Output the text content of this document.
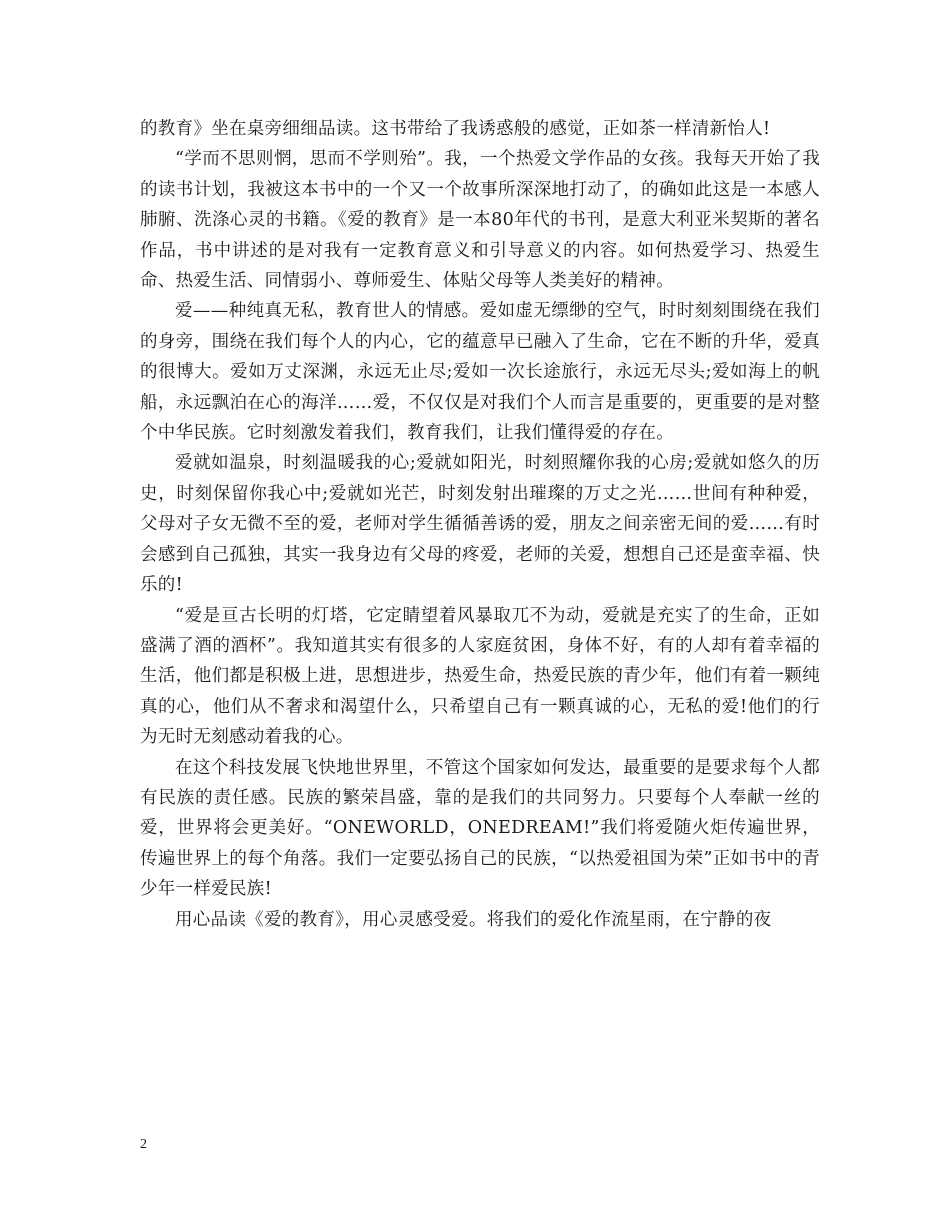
的教育》坐在桌旁细细品读。这书带给了我诱惑般的感觉，正如茶一样清新怡人!

“学而不思则惘，思而不学则殆”。我，一个热爱文学作品的女孩。我每天开始了我的读书计划，我被这本书中的一个又一个故事所深深地打动了，的确如此这是一本感人肺腑、洗涤心灵的书籍。《爱的教育》是一本80年代的书刊，是意大利亚米契斯的著名作品，书中讲述的是对我有一定教育意义和引导意义的内容。如何热爱学习、热爱生命、热爱生活、同情弱小、尊师爱生、体贴父母等人类美好的精神。

爱——种纯真无私，教育世人的情感。爱如虚无缥缈的空气，时时刻刻围绕在我们的身旁，围绕在我们每个人的内心，它的蕴意早已融入了生命，它在不断的升华，爱真的很博大。爱如万丈深渊，永远无止尽;爱如一次长途旅行，永远无尽头;爱如海上的帆船，永远飘泊在心的海洋……爱，不仅仅是对我们个人而言是重要的，更重要的是对整个中华民族。它时刻激发着我们，教育我们，让我们懂得爱的存在。

爱就如温泉，时刻温暖我的心;爱就如阳光，时刻照耀你我的心房;爱就如悠久的历史，时刻保留你我心中;爱就如光芒，时刻发射出璀璨的万丈之光……世间有种种爱，父母对子女无微不至的爱，老师对学生循循善诱的爱，朋友之间亲密无间的爱……有时会感到自己孤独，其实一我身边有父母的疼爱，老师的关爱，想想自己还是蛮幸福、快乐的!

“爱是亘古长明的灯塔，它定睛望着风暴取兀不为动，爱就是充实了的生命，正如盛满了酒的酒杯”。我知道其实有很多的人家庭贫困，身体不好，有的人却有着幸福的生活，他们都是积极上进，思想进步，热爱生命，热爱民族的青少年，他们有着一颗纯真的心，他们从不奢求和渴望什么，只希望自己有一颗真诚的心，无私的爱!他们的行为无时无刻感动着我的心。

在这个科技发展飞快地世界里，不管这个国家如何发达，最重要的是要求每个人都有民族的责任感。民族的繁荣昌盛，靠的是我们的共同努力。只要每个人奉献一丝的爱，世界将会更美好。“ONEWORLD，ONEDREAM!”我们将爱随火炬传遍世界，传遍世界上的每个角落。我们一定要弘扬自己的民族，“以热爱祖国为荣”正如书中的青少年一样爱民族!

用心品读《爱的教育》，用心灵感受爱。将我们的爱化作流星雨，在宁静的夜

2
